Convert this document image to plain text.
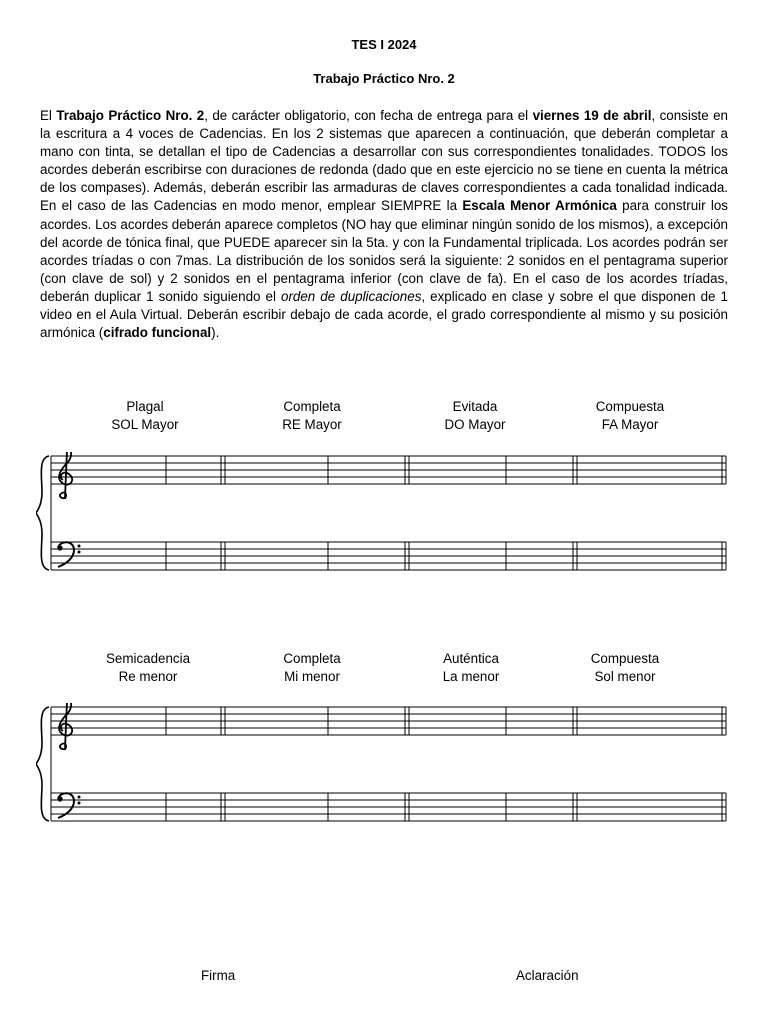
TES I 2024
Trabajo Práctico Nro. 2

El Trabajo Práctico Nro. 2, de carácter obligatorio, con fecha de entrega para el viernes 19 de abril, consiste en la escritura a 4 voces de Cadencias. En los 2 sistemas que aparecen a continuación, que deberán completar a mano con tinta, se detallan el tipo de Cadencias a desarrollar con sus correspondientes tonalidades. TODOS los acordes deberán escribirse con duraciones de redonda (dado que en este ejercicio no se tiene en cuenta la métrica de los compases). Además, deberán escribir las armaduras de claves correspondientes a cada tonalidad indicada. En el caso de las Cadencias en modo menor, emplear SIEMPRE la Escala Menor Armónica para construir los acordes. Los acordes deberán aparece completos (NO hay que eliminar ningún sonido de los mismos), a excepción del acorde de tónica final, que PUEDE aparecer sin la 5ta. y con la Fundamental triplicada. Los acordes podrán ser acordes tríadas o con 7mas. La distribución de los sonidos será la siguiente: 2 sonidos en el pentagrama superior (con clave de sol) y 2 sonidos en el pentagrama inferior (con clave de fa). En el caso de los acordes tríadas, deberán duplicar 1 sonido siguiendo el orden de duplicaciones, explicado en clase y sobre el que disponen de 1 video en el Aula Virtual. Deberán escribir debajo de cada acorde, el grado correspondiente al mismo y su posición armónica (cifrado funcional).

Plagal
SOL Mayor
Completa
RE Mayor
Evitada
DO Mayor
Compuesta
FA Mayor
Semicadencia
Re menor
Completa
Mi menor
Auténtica
La menor
Compuesta
Sol menor
Firma	Aclaración
